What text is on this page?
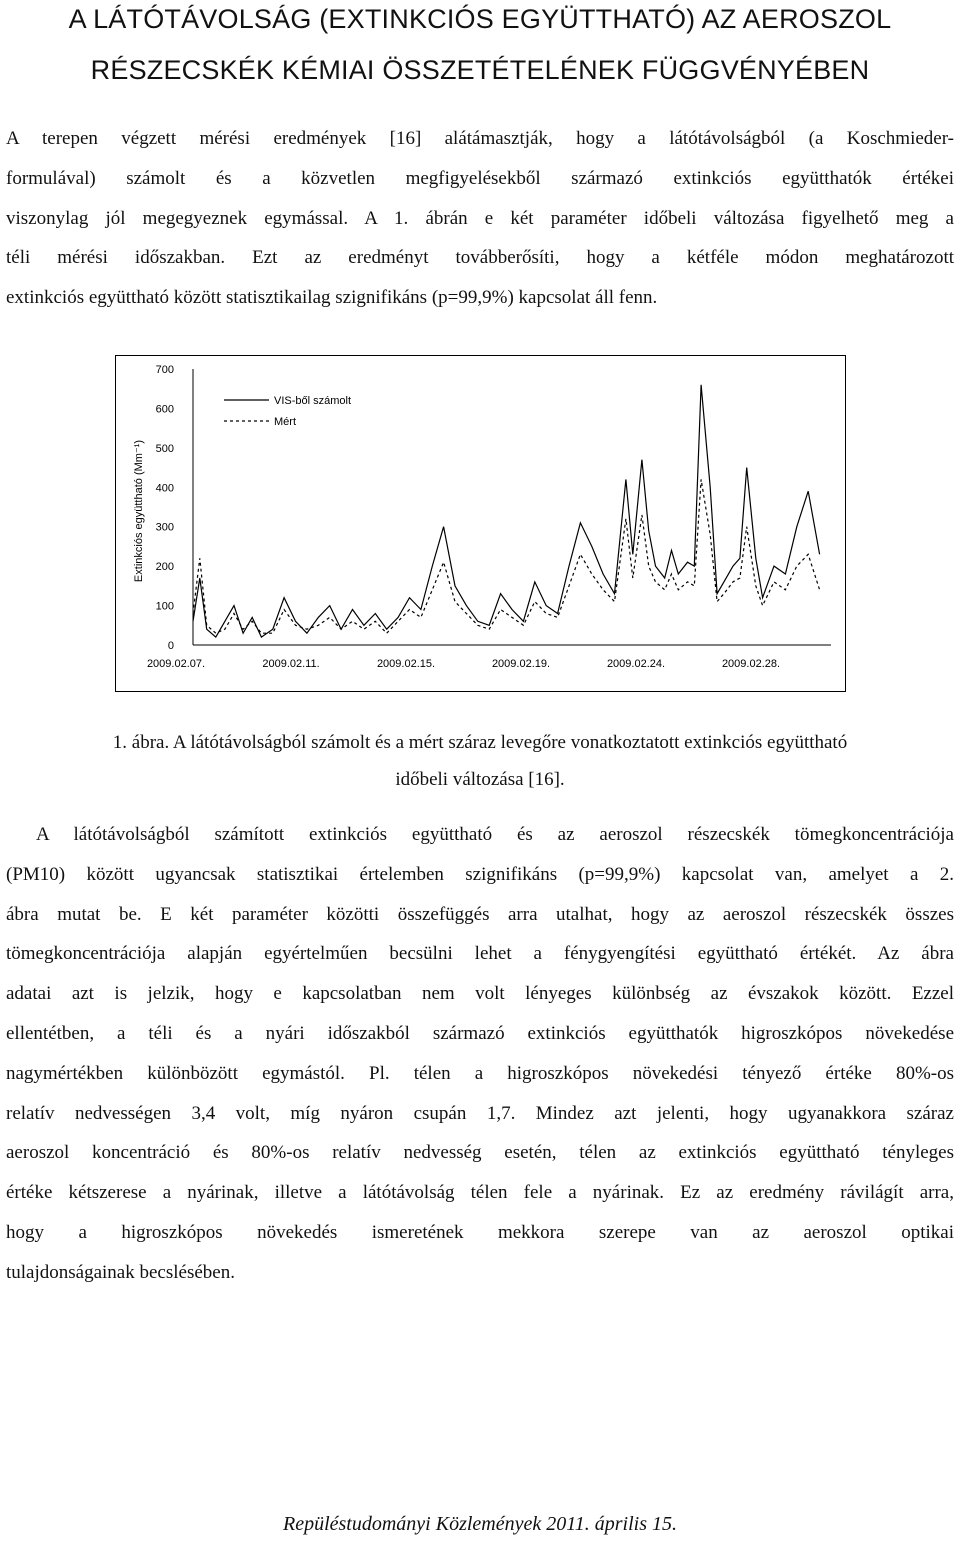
A LÁTÓTÁVOLSÁG (EXTINKCIÓS EGYÜTTHATÓ) AZ AEROSZOL
RÉSZECSKÉK KÉMIAI ÖSSZETÉTELÉNEK FÜGGVÉNYÉBEN
A terepen végzett mérési eredmények [16] alátámasztják, hogy a látótávolságból (a Koschmieder-
formulával) számolt és a közvetlen megfigyelésekből származó extinkciós együtthatók értékei
viszonylag jól megegyeznek egymással. A 1. ábrán e két paraméter időbeli változása figyelhető meg a
téli mérési időszakban. Ezt az eredményt továbberősíti, hogy a kétféle módon meghatározott
extinkciós együttható között statisztikailag szignifikáns (p=99,9%) kapcsolat áll fenn.
Extinkciós együttható (Mm⁻¹)
700
600
500
400
300
200
100
0
2009.02.07.	2009.02.11.	2009.02.15.	2009.02.19.	2009.02.24.	2009.02.28.
VIS-ből számolt
Mért
1. ábra. A látótávolságból számolt és a mért száraz levegőre vonatkoztatott extinkciós együttható
időbeli változása [16].
A látótávolságból számított extinkciós együttható és az aeroszol részecskék tömegkoncentrációja
(PM10) között ugyancsak statisztikai értelemben szignifikáns (p=99,9%) kapcsolat van, amelyet a 2.
ábra mutat be. E két paraméter közötti összefüggés arra utalhat, hogy az aeroszol részecskék összes
tömegkoncentrációja alapján egyértelműen becsülni lehet a fénygyengítési együttható értékét. Az ábra
adatai azt is jelzik, hogy e kapcsolatban nem volt lényeges különbség az évszakok között. Ezzel
ellentétben, a téli és a nyári időszakból származó extinkciós együtthatók higroszkópos növekedése
nagymértékben különbözött egymástól. Pl. télen a higroszkópos növekedési tényező értéke 80%-os
relatív nedvességen 3,4 volt, míg nyáron csupán 1,7. Mindez azt jelenti, hogy ugyanakkora száraz
aeroszol koncentráció és 80%-os relatív nedvesség esetén, télen az extinkciós együttható tényleges
értéke kétszerese a nyárinak, illetve a látótávolság télen fele a nyárinak. Ez az eredmény rávilágít arra,
hogy a higroszkópos növekedés ismeretének mekkora szerepe van az aeroszol optikai
tulajdonságainak becslésében.
Repüléstudományi Közlemények 2011. április 15.
